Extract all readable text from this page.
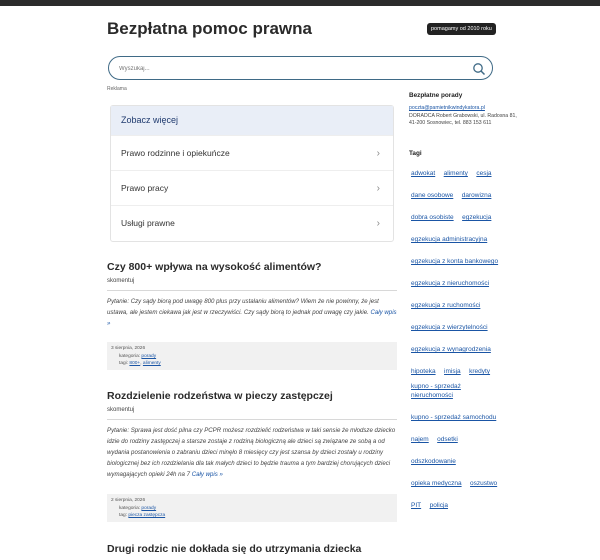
Bezpłatna pomoc prawna	pomagamy od 2010 roku
Wyszukaj...
Reklama
Zobacz więcej
Prawo rodzinne i opiekuńcze	›
Prawo pracy	›
Usługi prawne	›
Czy 800+ wpływa na wysokość alimentów?
skomentuj
Pytanie: Czy sądy biorą pod uwagę 800 plus przy ustalaniu alimentów? Wiem że nie powinny, że jest ustawa, ale jestem ciekawa jak jest w rzeczywiści. Czy sądy biorą to jednak pod uwagę czy jakie. Cały wpis »
3 sierpnia, 2026
kategoria: porady
tagi: 800+, alimenty
Rozdzielenie rodzeństwa w pieczy zastępczej
skomentuj
Pytanie: Sprawa jest dość pilna czy PCPR możesz rozdzielić rodzeństwa w taki sensie że młodsze dziecko idzie do rodziny zastępczej a starsze zostaje z rodziną biologiczną ale dzieci są związane ze sobą a od wydania postanowienia o zabraniu dzieci minęło 8 miesięcy czy jest szansa by dzieci zostały u rodziny biologicznej bez ich rozdzielania dla tak małych dzieci to będzie trauma a tym bardziej chorujących dzieci wymagających opieki 24h na 7 Cały wpis »
2 sierpnia, 2026
kategoria: porady
tag: piecza zastępcza
Drugi rodzic nie dokłada się do utrzymania dziecka
Bezpłatne porady
poczta@pamietnikwindykatora.pl
DORADCA Robert Grabowski, ul. Radosna 81, 41-200 Sosnowiec, tel. 883 153 611
Tagi
adwokat alimenty cesja dane osobowe darowizna dobra osobiste egzekucja egzekucja administracyjna egzekucja z konta bankowego egzekucja z nieruchomości egzekucja z ruchomości egzekucja z wierzytelności egzekucja z wynagrodzenia hipoteka imisja kredyty kupno - sprzedaż nieruchomości kupno - sprzedaż samochodu najem odsetki odszkodowanie opieka medyczna oszustwo PIT policja
